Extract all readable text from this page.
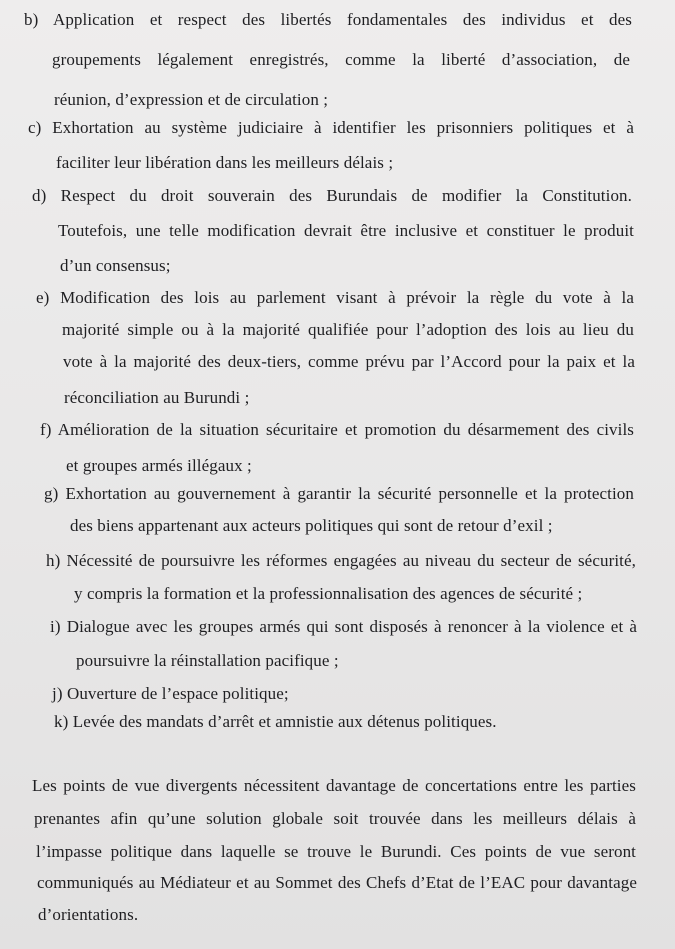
b) Application et respect des libertés fondamentales des individus et des
groupements légalement enregistrés, comme la liberté d’association, de
réunion, d’expression et de circulation ;
c) Exhortation au système judiciaire à identifier les prisonniers politiques et à
faciliter leur libération dans les meilleurs délais ;
d) Respect du droit souverain des Burundais de modifier la Constitution.
Toutefois, une telle modification devrait être inclusive et constituer le produit
d’un consensus;
e) Modification des lois au parlement visant à prévoir la règle du vote à la
majorité simple ou à la majorité qualifiée pour l’adoption des lois au lieu du
vote à la majorité des deux-tiers, comme prévu par l’Accord pour la paix et la
réconciliation au Burundi ;
f) Amélioration de la situation sécuritaire et promotion du désarmement des civils
et groupes armés illégaux ;
g) Exhortation au gouvernement à garantir la sécurité personnelle et la protection
des biens appartenant aux acteurs politiques qui sont de retour d’exil ;
h) Nécessité de poursuivre les réformes engagées au niveau du secteur de sécurité,
y compris la formation et la professionnalisation des agences de sécurité ;
i) Dialogue avec les groupes armés qui sont disposés à renoncer à la violence et à
poursuivre la réinstallation pacifique ;
j) Ouverture de l’espace politique;
k) Levée des mandats d’arrêt et amnistie aux détenus politiques.
Les points de vue divergents nécessitent davantage de concertations entre les parties
prenantes afin qu’une solution globale soit trouvée dans les meilleurs délais à
l’impasse politique dans laquelle se trouve le Burundi. Ces points de vue seront
communiqués au Médiateur et au Sommet des Chefs d’Etat de l’EAC pour davantage
d’orientations.
